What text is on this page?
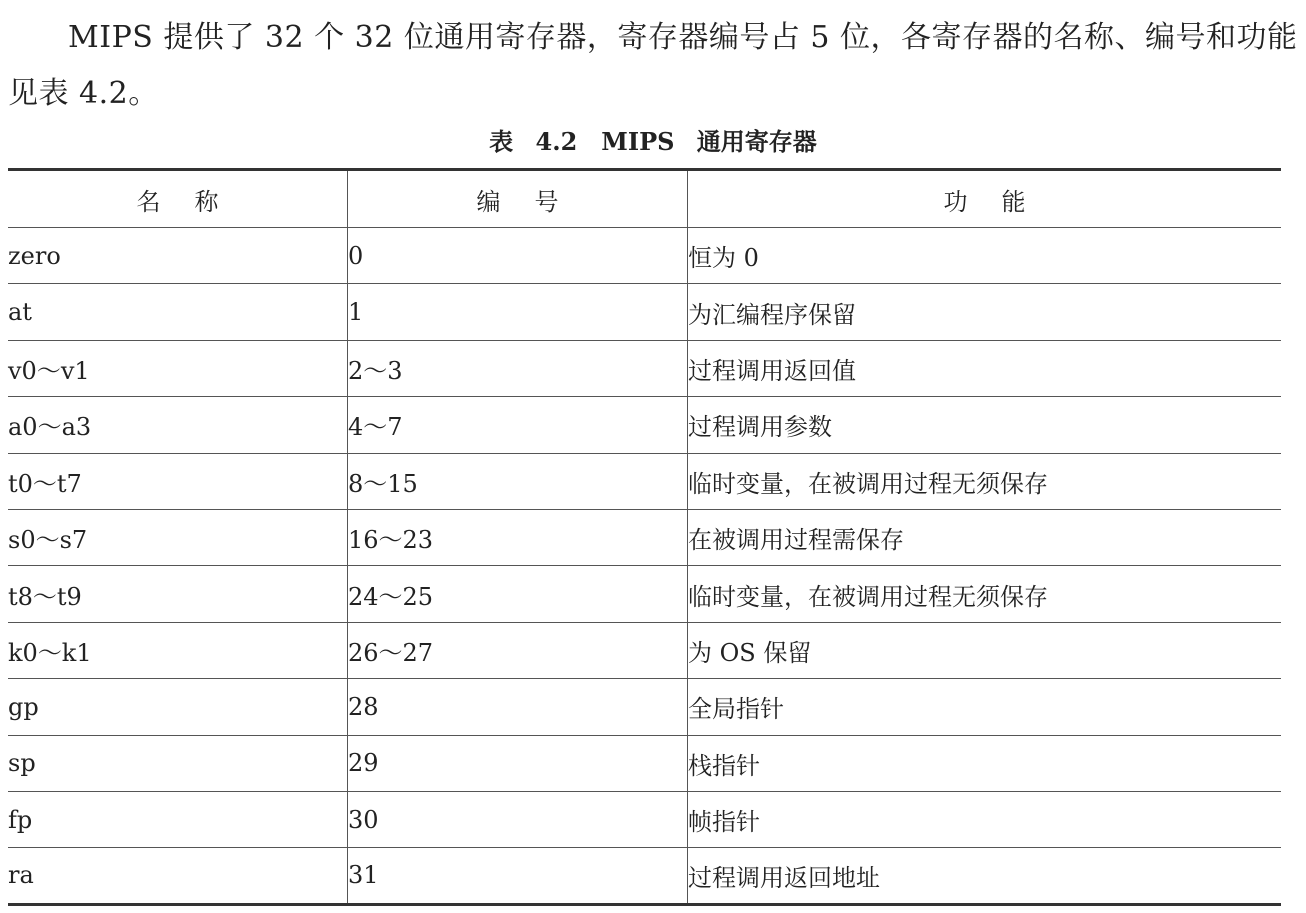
MIPS 提供了 32 个 32 位通用寄存器，寄存器编号占 5 位，各寄存器的名称、编号和功能见表 4.2。

表 4.2　MIPS 通用寄存器
名称	编号	功能
zero	0	恒为 0
at	1	为汇编程序保留
v0～v1	2～3	过程调用返回值
a0～a3	4～7	过程调用参数
t0～t7	8～15	临时变量，在被调用过程无须保存
s0～s7	16～23	在被调用过程需保存
t8～t9	24～25	临时变量，在被调用过程无须保存
k0～k1	26～27	为 OS 保留
gp	28	全局指针
sp	29	栈指针
fp	30	帧指针
ra	31	过程调用返回地址
